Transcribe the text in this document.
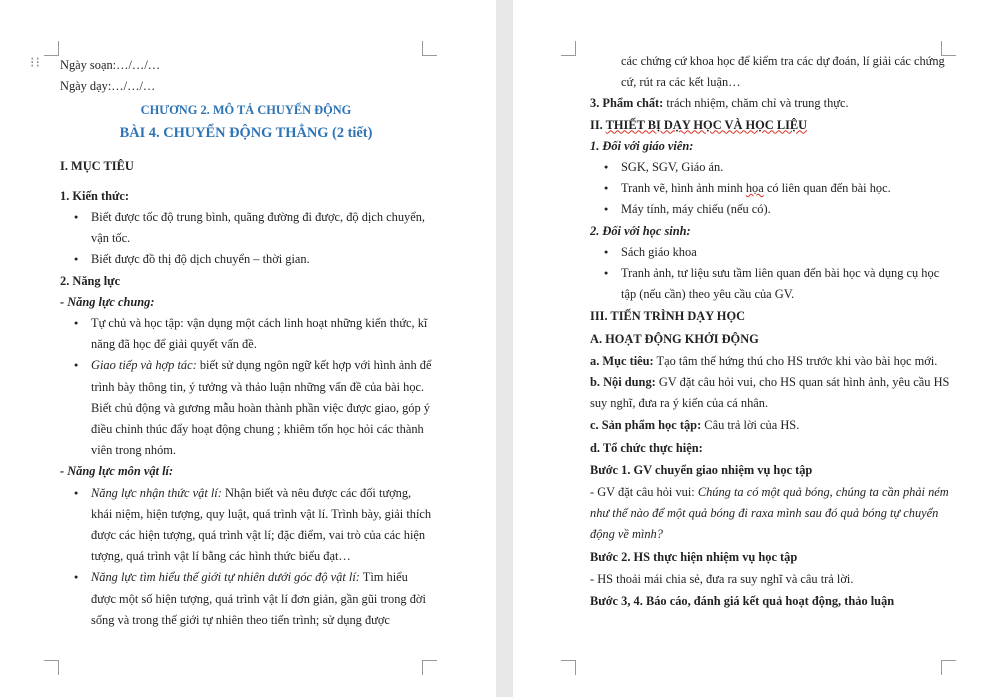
⁝⁝ Ngày soạn:…/…/…

Ngày dạy:…/…/…

CHƯƠNG 2. MÔ TẢ CHUYỂN ĐỘNG

BÀI 4. CHUYỂN ĐỘNG THẲNG (2 tiết)

I. MỤC TIÊU

1. Kiến thức:

● Biết được tốc độ trung bình, quãng đường đi được, độ dịch chuyển, vận tốc.
● Biết được đồ thị độ dịch chuyển – thời gian.

2. Năng lực

- Năng lực chung:

● Tự chủ và học tập: vận dụng một cách linh hoạt những kiến thức, kĩ năng đã học để giải quyết vấn đề.
● Giao tiếp và hợp tác: biết sử dụng ngôn ngữ kết hợp với hình ảnh để trình bày thông tin, ý tưởng và thảo luận những vấn đề của bài học. Biết chủ động và gương mẫu hoàn thành phần việc được giao, góp ý điều chỉnh thúc đẩy hoạt động chung ; khiêm tốn học hỏi các thành viên trong nhóm.

- Năng lực môn vật lí:

● Năng lực nhận thức vật lí: Nhận biết và nêu được các đối tượng, khái niệm, hiện tượng, quy luật, quá trình vật lí. Trình bày, giải thích được các hiện tượng, quá trình vật lí; đặc điểm, vai trò của các hiện tượng, quá trình vật lí bằng các hình thức biểu đạt…
● Năng lực tìm hiểu thế giới tự nhiên dưới góc độ vật lí: Tìm hiểu được một số hiện tượng, quá trình vật lí đơn giản, gần gũi trong đời sống và trong thế giới tự nhiên theo tiến trình; sử dụng được

các chứng cứ khoa học để kiểm tra các dự đoán, lí giải các chứng cứ, rút ra các kết luận…

3. Phẩm chất: trách nhiệm, chăm chỉ và trung thực.

II. THIẾT BỊ DẠY HỌC VÀ HỌC LIỆU

1. Đối với giáo viên:

● SGK, SGV, Giáo án.
● Tranh vẽ, hình ảnh minh họa có liên quan đến bài học.
● Máy tính, máy chiếu (nếu có).

2. Đối với học sinh:

● Sách giáo khoa
● Tranh ảnh, tư liệu sưu tầm liên quan đến bài học và dụng cụ học tập (nếu cần) theo yêu cầu của GV.

III. TIẾN TRÌNH DẠY HỌC

A. HOẠT ĐỘNG KHỞI ĐỘNG

a. Mục tiêu: Tạo tâm thế hứng thú cho HS trước khi vào bài học mới.

b. Nội dung: GV đặt câu hỏi vui, cho HS quan sát hình ảnh, yêu cầu HS suy nghĩ, đưa ra ý kiến của cá nhân.

c. Sản phẩm học tập: Câu trả lời của HS.

d. Tổ chức thực hiện:

Bước 1. GV chuyển giao nhiệm vụ học tập

- GV đặt câu hỏi vui: Chúng ta có một quả bóng, chúng ta cần phải ném như thế nào để một quả bóng đi raxa mình sau đó quả bóng tự chuyển động về mình?

Bước 2. HS thực hiện nhiệm vụ học tập

- HS thoải mái chia sẻ, đưa ra suy nghĩ và câu trả lời.

Bước 3, 4. Báo cáo, đánh giá kết quả hoạt động, thảo luận
